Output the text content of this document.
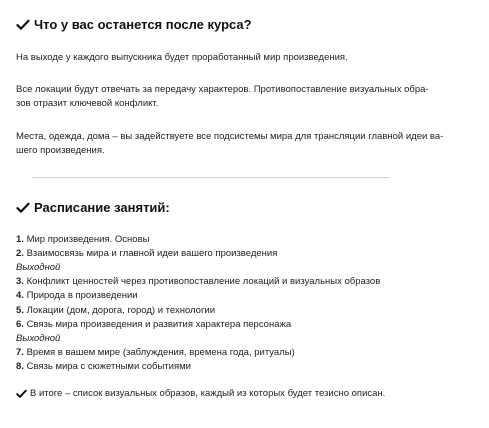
Что у вас останется после курса?

На выходе у каждого выпускника будет проработанный мир произведения.

Все локации будут отвечать за передачу характеров. Противопоставление визуальных обра-
зов отразит ключевой конфликт.

Места, одежда, дома – вы задействуете все подсистемы мира для трансляции главной идеи ва-
шего произведения.

Расписание занятий:
1. Мир произведения. Основы
2. Взаимосвязь мира и главной идеи вашего произведения
Выходной
3. Конфликт ценностей через противопоставление локаций и визуальных образов
4. Природа в произведении
5. Локации (дом, дорога, город) и технологии
6. Связь мира произведения и развития характера персонажа
Выходной
7. Время в вашем мире (заблуждения, времена года, ритуалы)
8. Связь мира с сюжетными событиями
В итоге – список визуальных образов, каждый из которых будет тезисно описан.
